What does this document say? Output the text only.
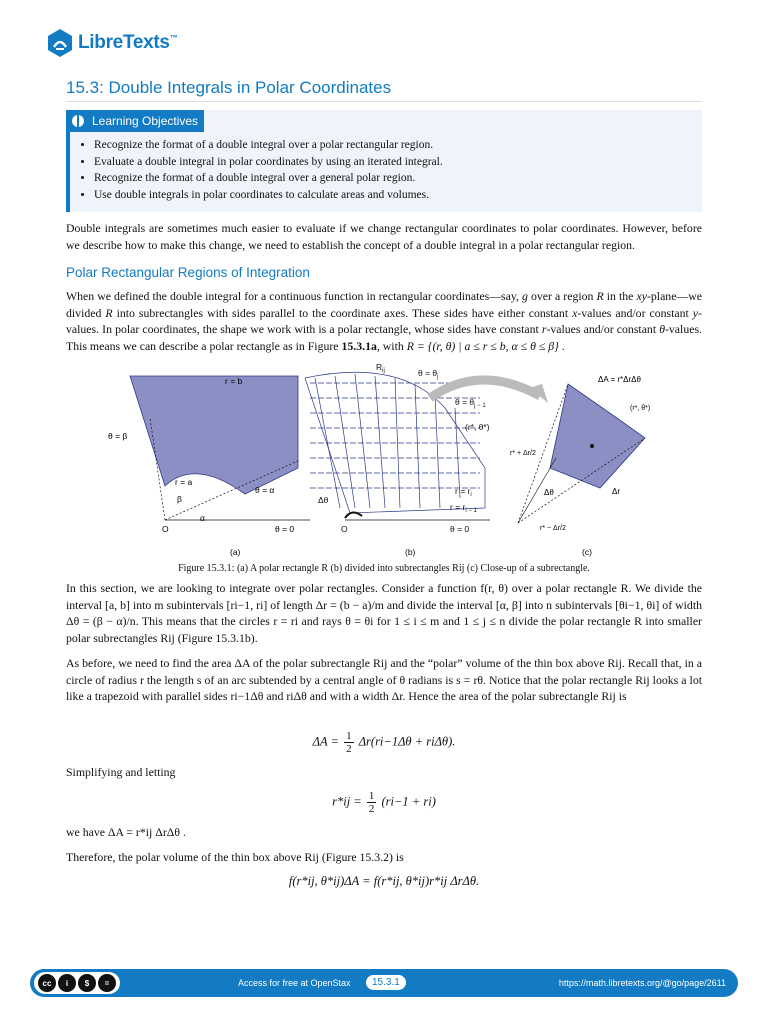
LibreTexts™
15.3: Double Integrals in Polar Coordinates
Learning Objectives
• Recognize the format of a double integral over a polar rectangular region.
• Evaluate a double integral in polar coordinates by using an iterated integral.
• Recognize the format of a double integral over a general polar region.
• Use double integrals in polar coordinates to calculate areas and volumes.

Double integrals are sometimes much easier to evaluate if we change rectangular coordinates to polar coordinates. However, before we describe how to make this change, we need to establish the concept of a double integral in a polar rectangular region.

Polar Rectangular Regions of Integration

When we defined the double integral for a continuous function in rectangular coordinates—say, g over a region R in the xy-plane—we divided R into subrectangles with sides parallel to the coordinate axes. These sides have either constant x-values and/or constant y-values. In polar coordinates, the shape we work with is a polar rectangle, whose sides have constant r-values and/or constant θ-values. This means we can describe a polar rectangle as in Figure 15.3.1a, with R = {(r, θ) | a ≤ r ≤ b, α ≤ θ ≤ β} .

r = b
θ = β
r = a
θ = α
β
α
O	θ = 0
(a)
$R_{ij}$	$\theta = \theta_j$
$\theta = \theta_{j - 1}$
(r*, θ*)
$r = r_i$
$r = r_{i - 1}$
Δθ
O	θ = 0
(b)
ΔA = r*ΔrΔθ
(r*, θ*)
r* + Δr/2
Δθ	Δr
r* − Δr/2
(c)
Figure 15.3.1: (a) A polar rectangle R (b) divided into subrectangles Rij (c) Close-up of a subrectangle.

In this section, we are looking to integrate over polar rectangles. Consider a function f(r, θ) over a polar rectangle R. We divide the interval [a, b] into m subintervals [ri−1, ri] of length Δr = (b − a)/m and divide the interval [α, β] into n subintervals [θi−1, θi] of width Δθ = (β − α)/n. This means that the circles r = ri and rays θ = θi for 1 ≤ i ≤ m and 1 ≤ j ≤ n divide the polar rectangle R into smaller polar subrectangles Rij (Figure 15.3.1b).

As before, we need to find the area ΔA of the polar subrectangle Rij and the “polar” volume of the thin box above Rij. Recall that, in a circle of radius r the length s of an arc subtended by a central angle of θ radians is s = rθ. Notice that the polar rectangle Rij looks a lot like a trapezoid with parallel sides ri−1Δθ and riΔθ and with a width Δr. Hence the area of the polar subrectangle Rij is

$\Delta A = \frac{1}{2} \Delta r(ri-1\Delta\theta + ri\Delta\theta)$.

Simplifying and letting

$r*ij = \frac{1}{2} (ri-1 + ri)$

we have ΔA = r*ij ΔrΔθ .

Therefore, the polar volume of the thin box above Rij (Figure 15.3.2) is

f(r*ij, θ*ij)ΔA = f(r*ij, θ*ij)r*ij ΔrΔθ.
cc	i	$	=	Access for free at OpenStax	15.3.1	https://math.libretexts.org/@go/page/2611
